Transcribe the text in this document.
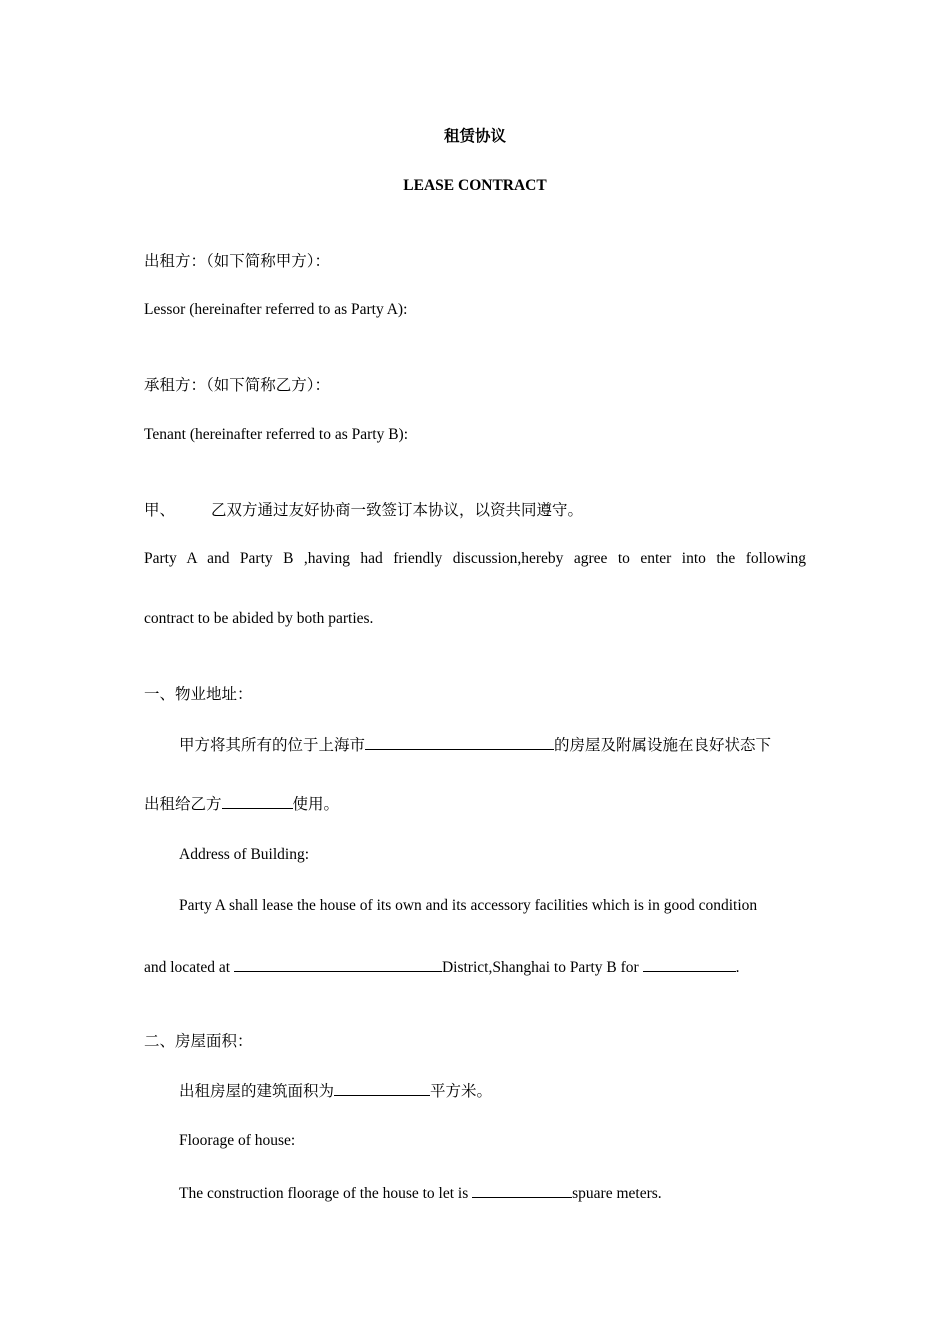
租赁协议
LEASE CONTRACT
出租方：（如下简称甲方）：
Lessor (hereinafter referred to as Party A):
承租方：（如下简称乙方）：
Tenant (hereinafter referred to as Party B):
甲、 乙双方通过友好协商一致签订本协议，以资共同遵守。
Party A and Party B ,having had friendly discussion,hereby agree to enter into the following
contract to be abided by both parties.
一、物业地址：
甲方将其所有的位于上海市	的房屋及附属设施在良好状态下
出租给乙方	使用。
Address of Building:
Party A shall lease the house of its own and its accessory facilities which is in good condition
and located at	District,Shanghai to Party B for	.
二、房屋面积：
出租房屋的建筑面积为	平方米。
Floorage of house:
The construction floorage of the house to let is	spuare meters.
